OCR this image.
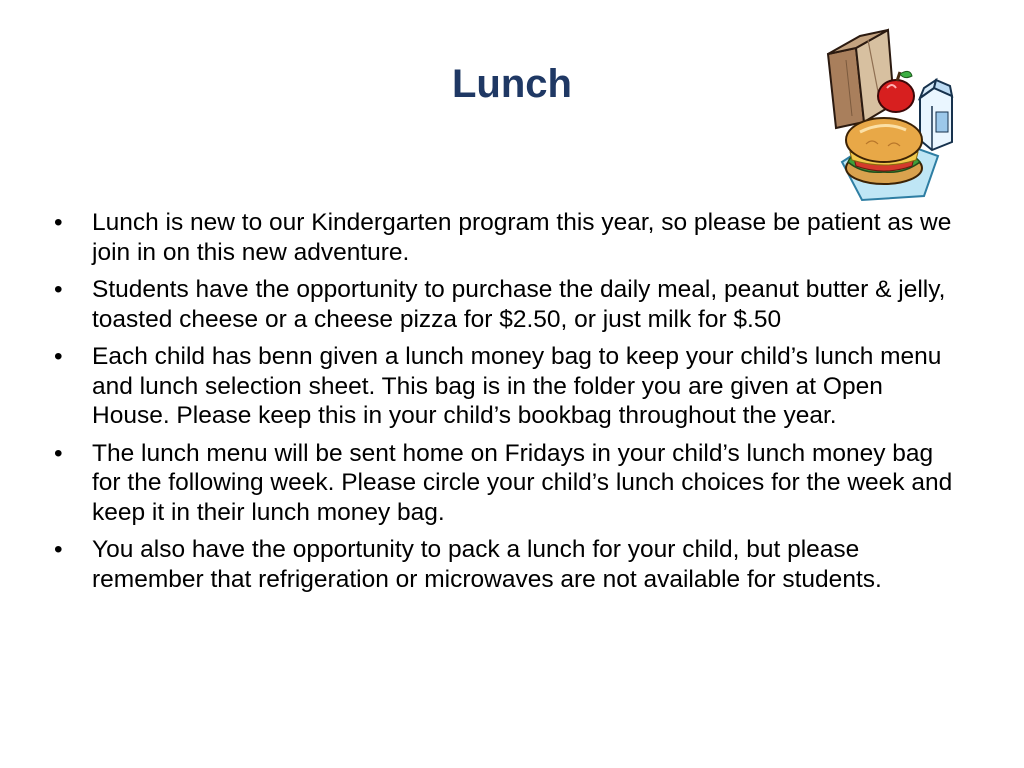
Lunch
•	Lunch is new to our Kindergarten program this year, so please be patient as we join in on this new adventure.
•	Students have the opportunity to purchase the daily meal, peanut butter & jelly, toasted cheese or a cheese pizza for $2.50, or just milk for $.50
•	Each child has benn given a lunch money bag to keep your child’s lunch menu and lunch selection sheet. This bag is in the folder you are given at Open House. Please keep this in your child’s bookbag throughout the year.
•	The lunch menu will be sent home on Fridays in your child’s lunch money bag for the following week. Please circle your child’s lunch choices for the week and keep it in their lunch money bag.
•	You also have the opportunity to pack a lunch for your child, but please remember that refrigeration or microwaves are not available for students.
